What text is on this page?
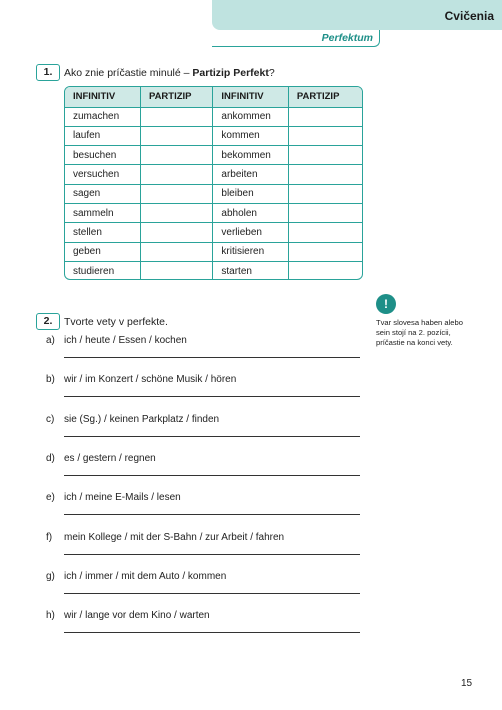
Cvičenia
Perfektum
1.	Ako znie príčastie minulé – Partizip Perfekt?
INFINITIV	PARTIZIP	INFINITIV	PARTIZIP
zumachen		ankommen	
laufen		kommen	
besuchen		bekommen	
versuchen		arbeiten	
sagen		bleiben	
sammeln		abholen	
stellen		verlieben	
geben		kritisieren	
studieren		starten	
!
Tvar slovesa haben alebo sein stojí na 2. pozícii, príčastie na konci vety.
2.	Tvorte vety v perfekte.
a) ich / heute / Essen / kochen
b) wir / im Konzert / schöne Musik / hören
c) sie (Sg.) / keinen Parkplatz / finden
d) es / gestern / regnen
e) ich / meine E-Mails / lesen
f) mein Kollege / mit der S-Bahn / zur Arbeit / fahren
g) ich / immer / mit dem Auto / kommen
h) wir / lange vor dem Kino / warten
15
